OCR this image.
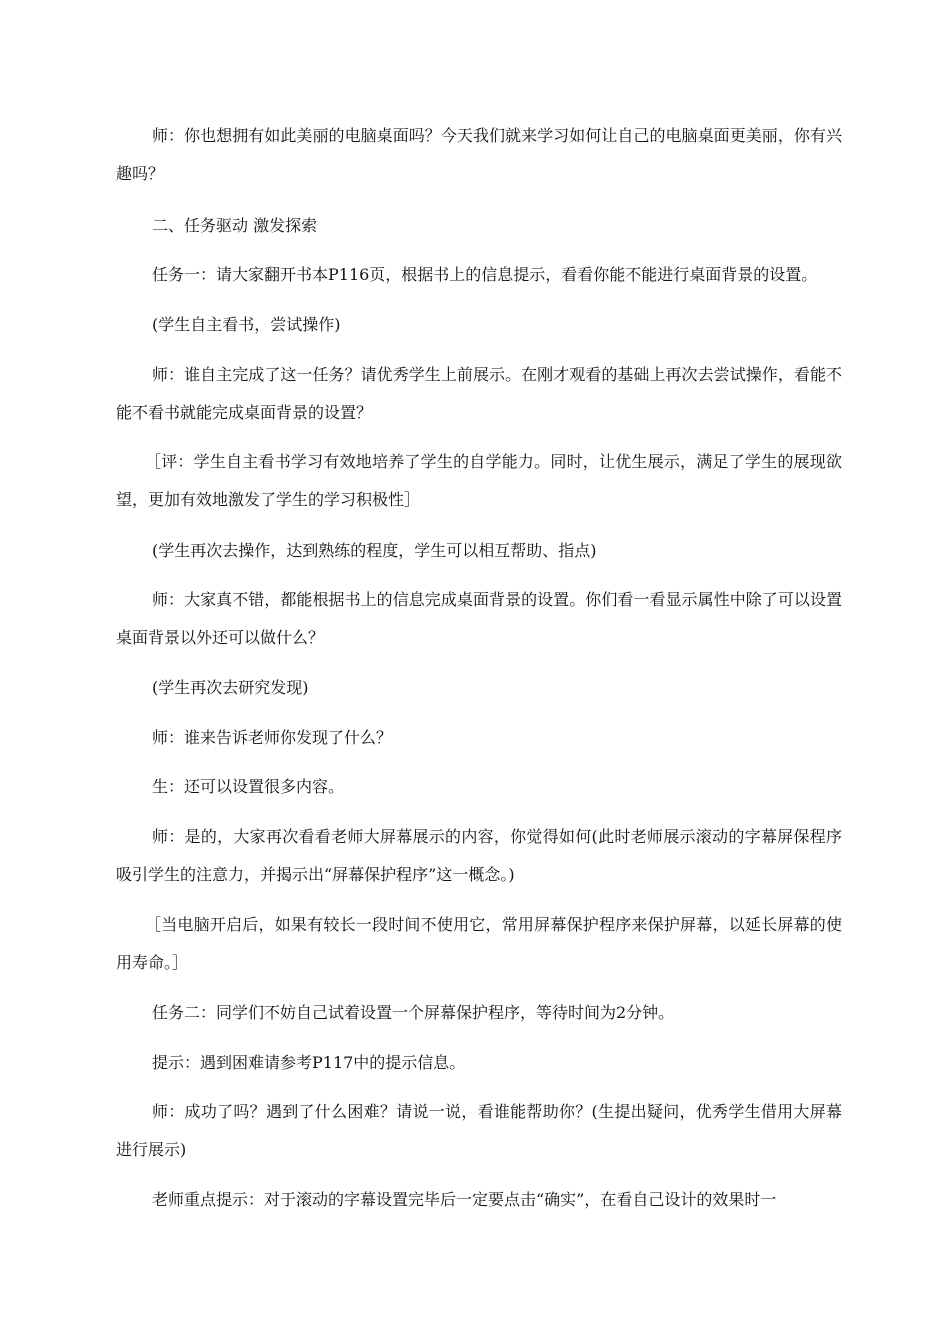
师：你也想拥有如此美丽的电脑桌面吗？今天我们就来学习如何让自己的电脑桌面更美丽，你有兴趣吗？

二、任务驱动 激发探索

任务一：请大家翻开书本P116页，根据书上的信息提示，看看你能不能进行桌面背景的设置。

(学生自主看书，尝试操作)

师：谁自主完成了这一任务？请优秀学生上前展示。在刚才观看的基础上再次去尝试操作，看能不能不看书就能完成桌面背景的设置？

［评：学生自主看书学习有效地培养了学生的自学能力。同时，让优生展示，满足了学生的展现欲望，更加有效地激发了学生的学习积极性］

(学生再次去操作，达到熟练的程度，学生可以相互帮助、指点)

师：大家真不错，都能根据书上的信息完成桌面背景的设置。你们看一看显示属性中除了可以设置桌面背景以外还可以做什么？

(学生再次去研究发现)

师：谁来告诉老师你发现了什么？

生：还可以设置很多内容。

师：是的，大家再次看看老师大屏幕展示的内容，你觉得如何(此时老师展示滚动的字幕屏保程序吸引学生的注意力，并揭示出“屏幕保护程序”这一概念。)

［当电脑开启后，如果有较长一段时间不使用它，常用屏幕保护程序来保护屏幕，以延长屏幕的使用寿命。］

任务二：同学们不妨自己试着设置一个屏幕保护程序，等待时间为2分钟。

提示：遇到困难请参考P117中的提示信息。

师：成功了吗？遇到了什么困难？请说一说，看谁能帮助你？(生提出疑问，优秀学生借用大屏幕进行展示)

老师重点提示：对于滚动的字幕设置完毕后一定要点击“确实”，在看自己设计的效果时一
